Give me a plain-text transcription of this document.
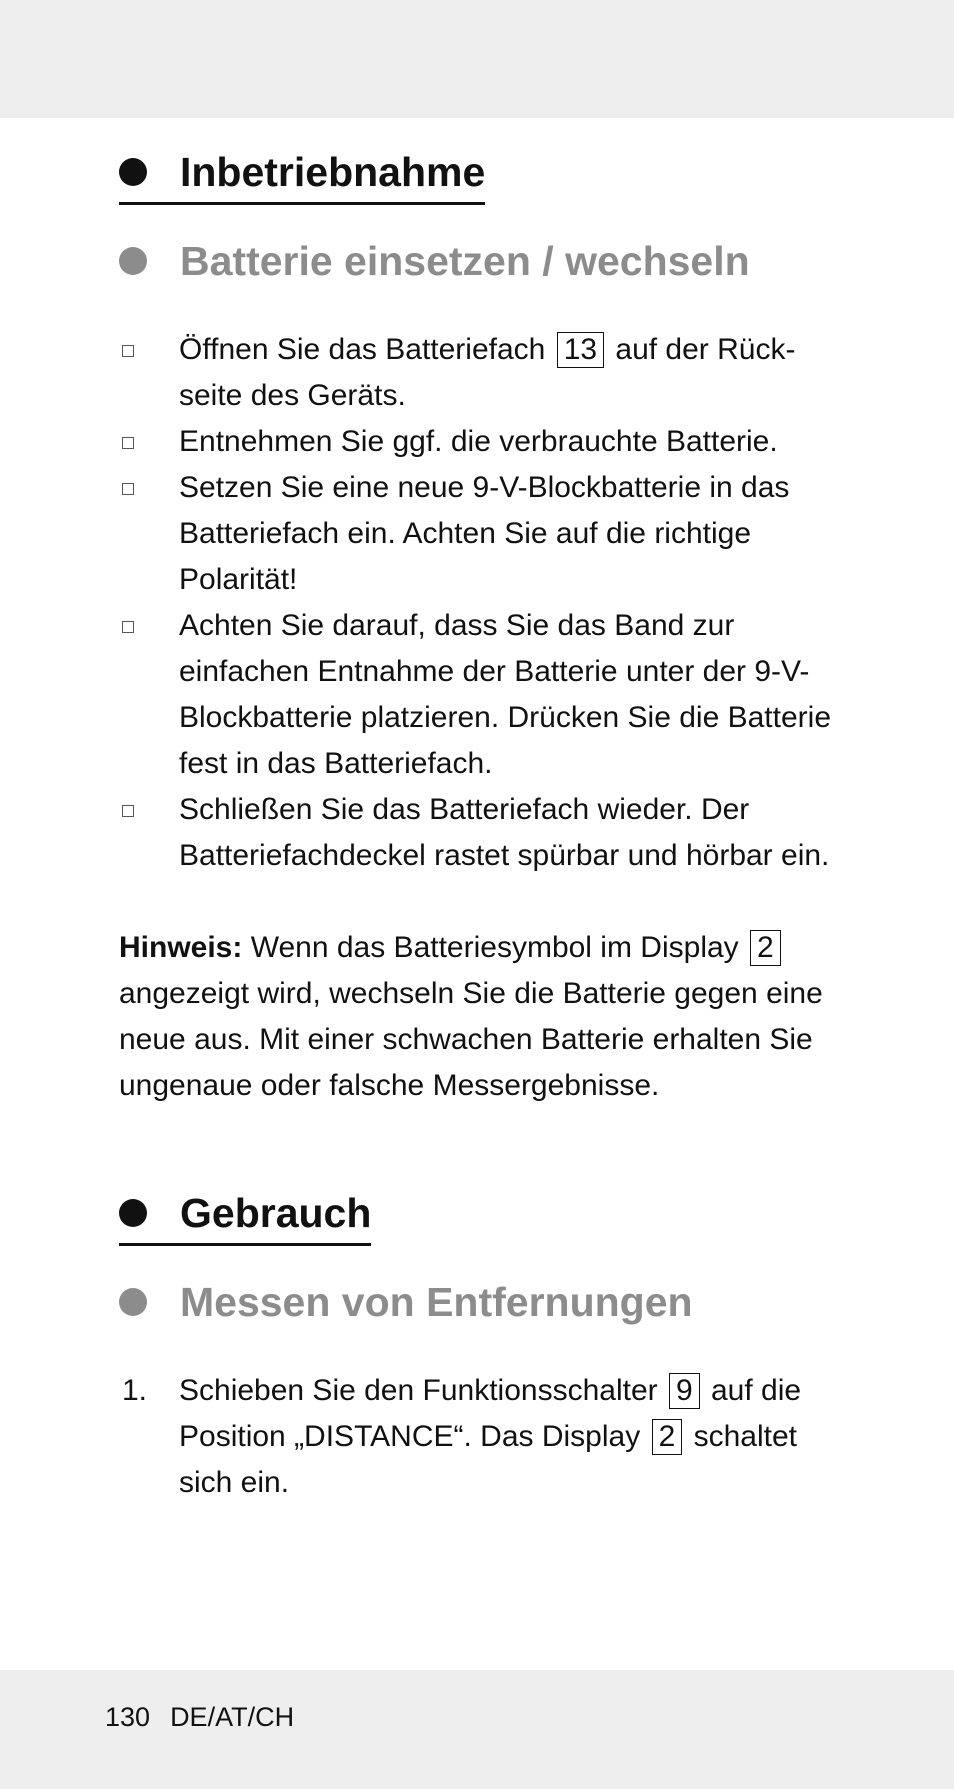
Inbetriebnahme
Batterie einsetzen / wechseln
Öffnen Sie das Batteriefach 13 auf der Rückseite des Geräts.
Entnehmen Sie ggf. die verbrauchte Batterie.
Setzen Sie eine neue 9-V-Blockbatterie in das Batteriefach ein. Achten Sie auf die richtige Polarität!
Achten Sie darauf, dass Sie das Band zur einfachen Entnahme der Batterie unter der 9-V-Blockbatterie platzieren. Drücken Sie die Batterie fest in das Batteriefach.
Schließen Sie das Batteriefach wieder. Der Batteriefachdeckel rastet spürbar und hörbar ein.
Hinweis: Wenn das Batteriesymbol im Display 2 angezeigt wird, wechseln Sie die Batterie gegen eine neue aus. Mit einer schwachen Batterie erhalten Sie ungenaue oder falsche Messergebnisse.
Gebrauch
Messen von Entfernungen
1. Schieben Sie den Funktionsschalter 9 auf die Position „DISTANCE“. Das Display 2 schaltet sich ein.
130 DE/AT/CH
